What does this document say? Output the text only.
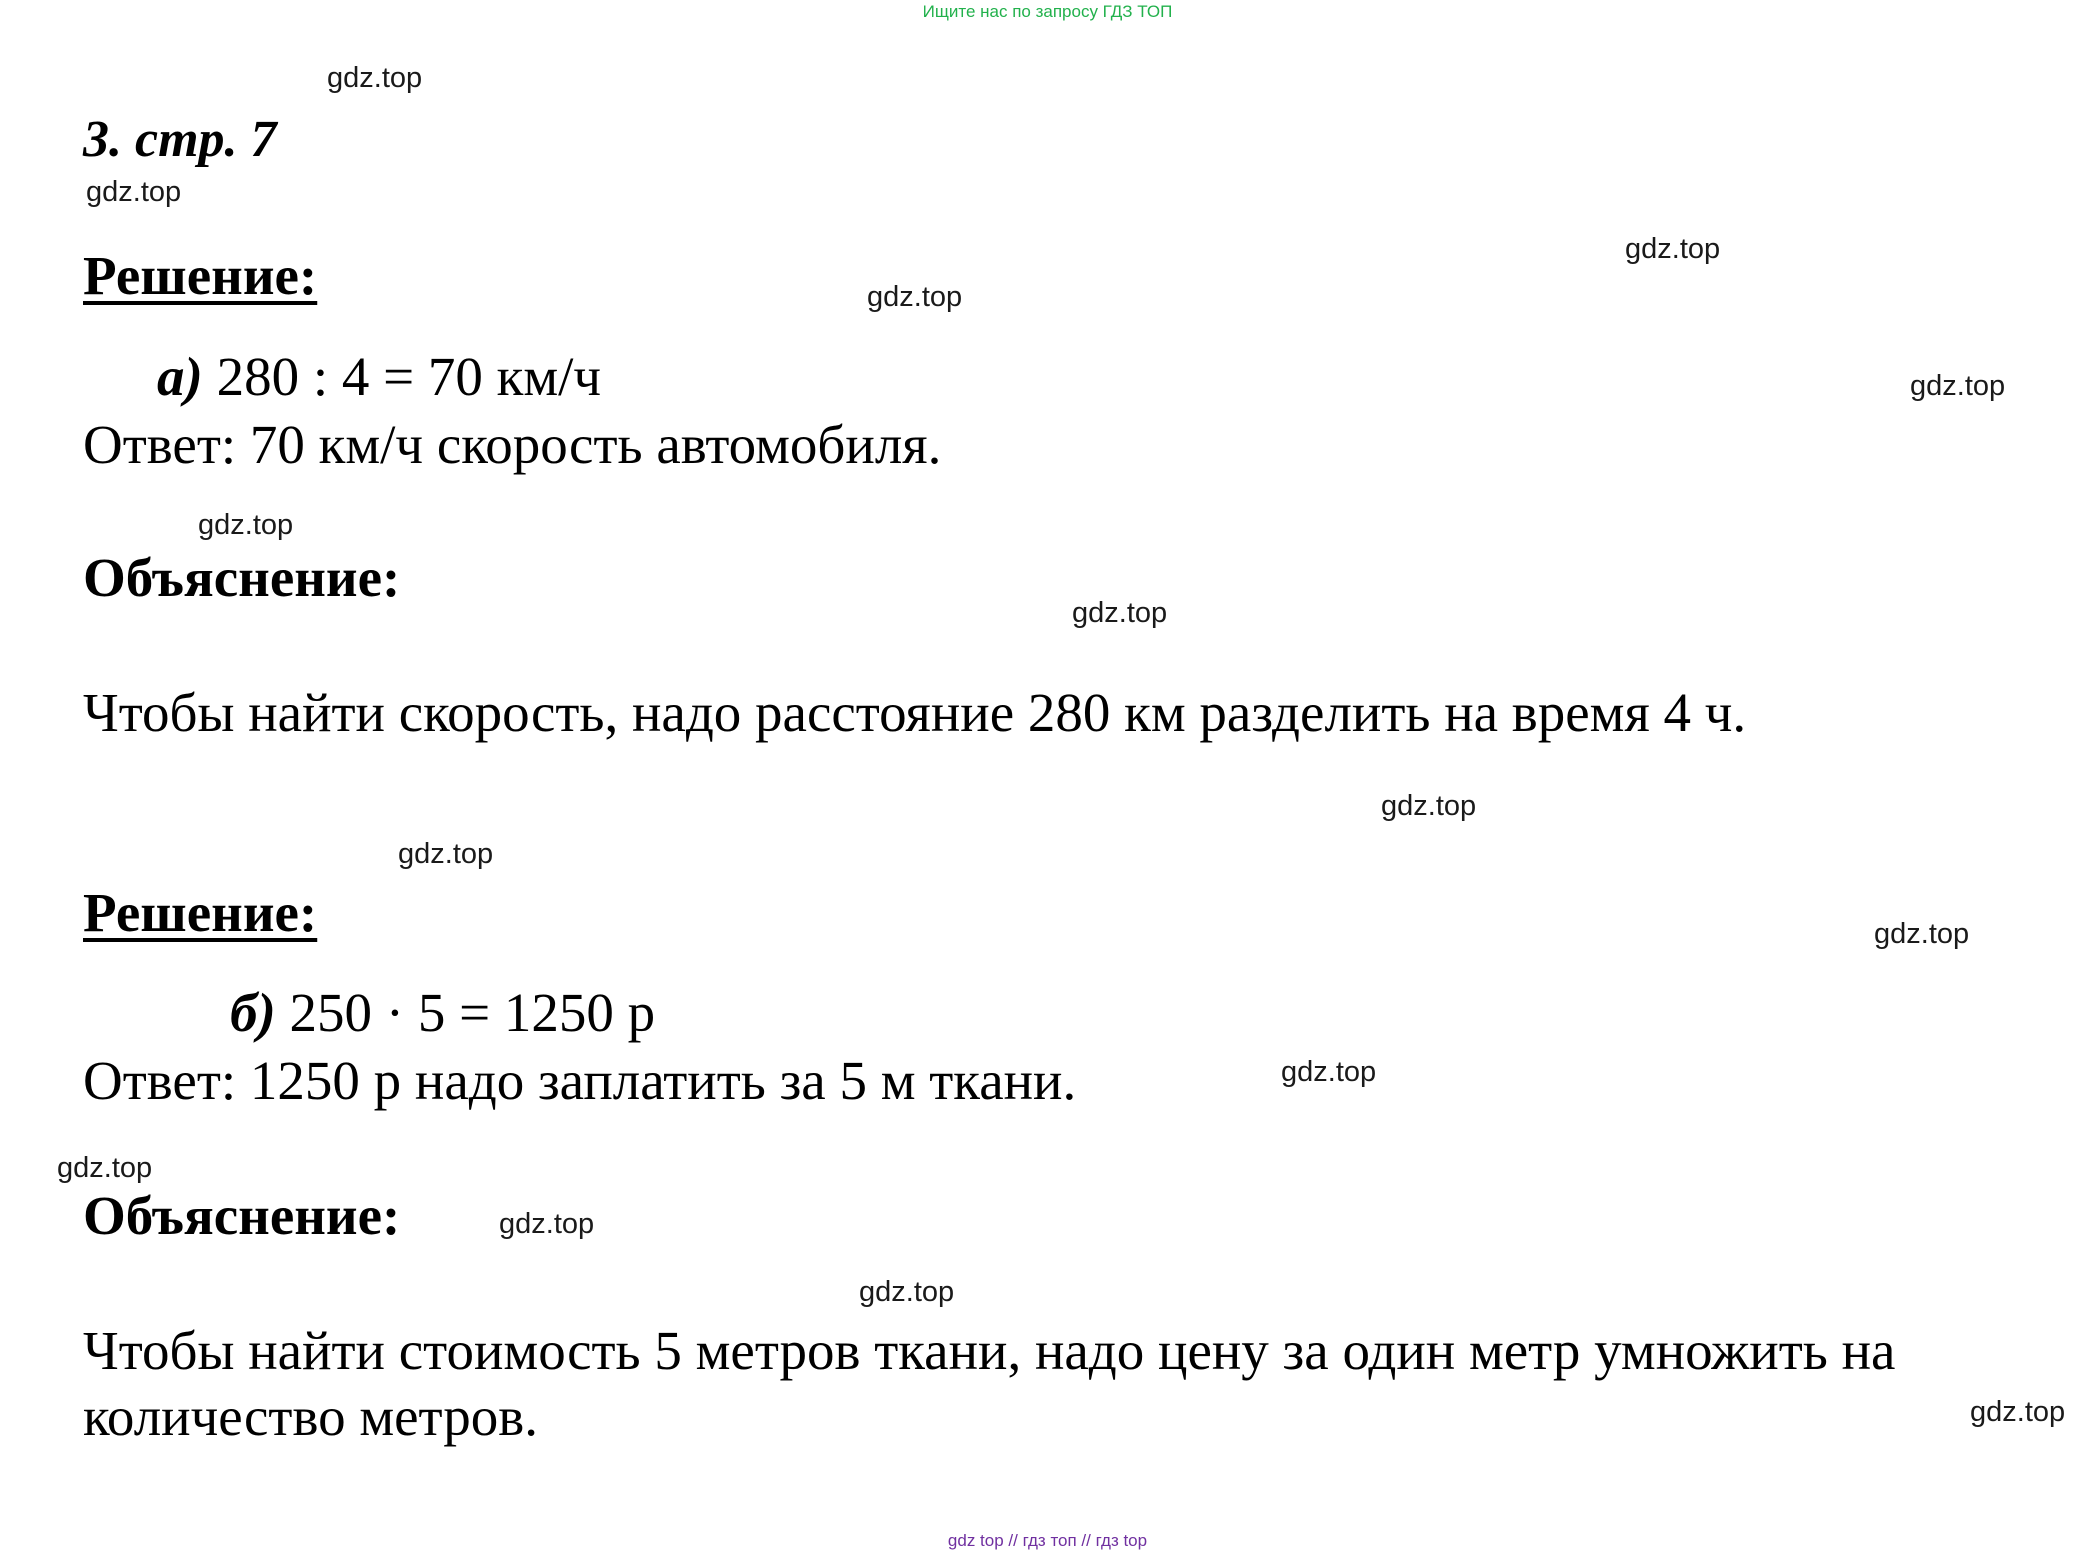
Ищите нас по запросу ГДЗ ТОП
gdz.top
gdz.top
gdz.top
gdz.top
gdz.top
gdz.top
gdz.top
gdz.top
gdz.top
gdz.top
gdz.top
gdz.top
gdz.top
gdz.top
gdz.top
3. стр. 7
Решение:
а) 280 : 4 = 70 км/ч
Ответ: 70 км/ч скорость автомобиля.
Объяснение:
Чтобы найти скорость, надо расстояние 280 км разделить на время 4 ч.
Решение:
б) 250 · 5 = 1250 р
Ответ: 1250 р надо заплатить за 5 м ткани.
Объяснение:
Чтобы найти стоимость 5 метров ткани, надо цену за один метр умножить на количество метров.
gdz top // гдз топ // гдз top
